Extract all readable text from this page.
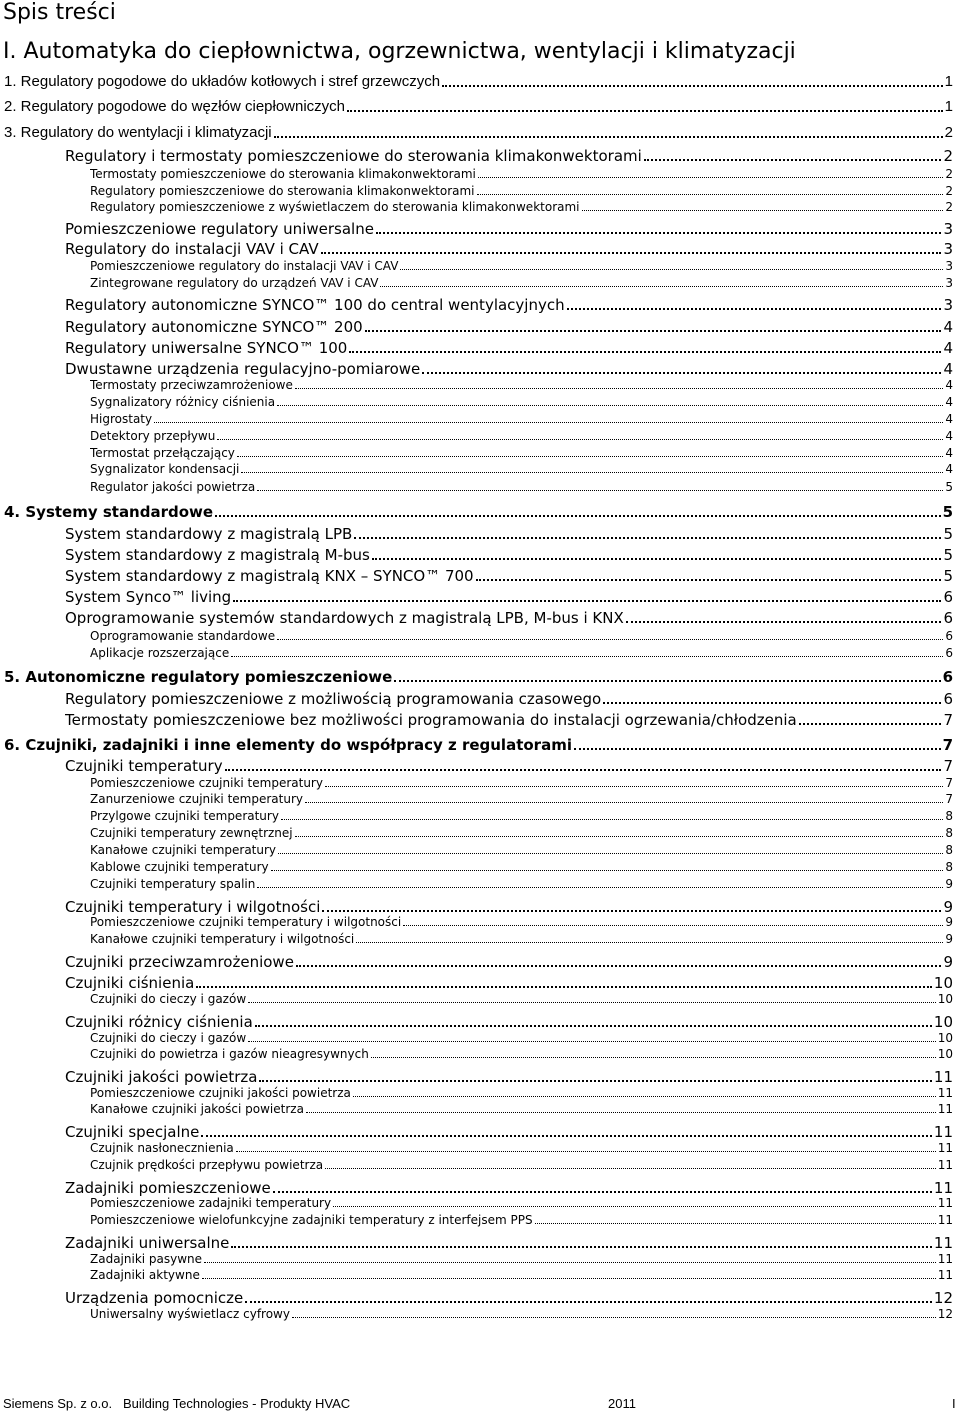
Spis treści
I. Automatyka do ciepłownictwa, ogrzewnictwa, wentylacji i klimatyzacji
1. Regulatory pogodowe do układów kotłowych i stref grzewczych	1
2. Regulatory pogodowe do węzłów ciepłowniczych	1
3. Regulatory do wentylacji i klimatyzacji	2
Regulatory i termostaty pomieszczeniowe do sterowania klimakonwektorami	2
Termostaty pomieszczeniowe do sterowania klimakonwektorami	2
Regulatory pomieszczeniowe do sterowania klimakonwektorami	2
Regulatory pomieszczeniowe z wyświetlaczem do sterowania klimakonwektorami	2
Pomieszczeniowe regulatory uniwersalne	3
Regulatory do instalacji VAV i CAV	3
Pomieszczeniowe regulatory do instalacji VAV i CAV	3
Zintegrowane regulatory do urządzeń VAV i CAV	3
Regulatory autonomiczne SYNCO™ 100 do central wentylacyjnych	3
Regulatory autonomiczne SYNCO™ 200	4
Regulatory uniwersalne SYNCO™ 100	4
Dwustawne urządzenia regulacyjno-pomiarowe	4
Termostaty przeciwzamrożeniowe	4
Sygnalizatory różnicy ciśnienia	4
Higrostaty	4
Detektory przepływu	4
Termostat przełączający	4
Sygnalizator kondensacji	4
Regulator jakości powietrza	5
4. Systemy standardowe	5
System standardowy z magistralą LPB	5
System standardowy z magistralą M-bus	5
System standardowy z magistralą KNX – SYNCO™ 700	5
System Synco™ living	6
Oprogramowanie systemów standardowych z magistralą LPB, M-bus i KNX	6
Oprogramowanie standardowe	6
Aplikacje rozszerzające	6
5. Autonomiczne regulatory pomieszczeniowe	6
Regulatory pomieszczeniowe z możliwością programowania czasowego	6
Termostaty pomieszczeniowe bez możliwości programowania do instalacji ogrzewania/chłodzenia	7
6. Czujniki, zadajniki i inne elementy do współpracy z regulatorami	7
Czujniki temperatury	7
Pomieszczeniowe czujniki temperatury	7
Zanurzeniowe czujniki temperatury	7
Przylgowe czujniki temperatury	8
Czujniki temperatury zewnętrznej	8
Kanałowe czujniki temperatury	8
Kablowe czujniki temperatury	8
Czujniki temperatury spalin	9
Czujniki temperatury i wilgotności	9
Pomieszczeniowe czujniki temperatury i wilgotności	9
Kanałowe czujniki temperatury i wilgotności	9
Czujniki przeciwzamrożeniowe	9
Czujniki ciśnienia	10
Czujniki do cieczy i gazów	10
Czujniki różnicy ciśnienia	10
Czujniki do cieczy i gazów	10
Czujniki do powietrza i gazów nieagresywnych	10
Czujniki jakości powietrza	11
Pomieszczeniowe czujniki jakości powietrza	11
Kanałowe czujniki jakości powietrza	11
Czujniki specjalne	11
Czujnik nasłonecznienia	11
Czujnik prędkości przepływu powietrza	11
Zadajniki pomieszczeniowe	11
Pomieszczeniowe zadajniki temperatury	11
Pomieszczeniowe wielofunkcyjne zadajniki temperatury z interfejsem PPS	11
Zadajniki uniwersalne	11
Zadajniki pasywne	11
Zadajniki aktywne	11
Urządzenia pomocnicze	12
Uniwersalny wyświetlacz cyfrowy	12
Siemens Sp. z o.o. Building Technologies - Produkty HVAC	2011	I
